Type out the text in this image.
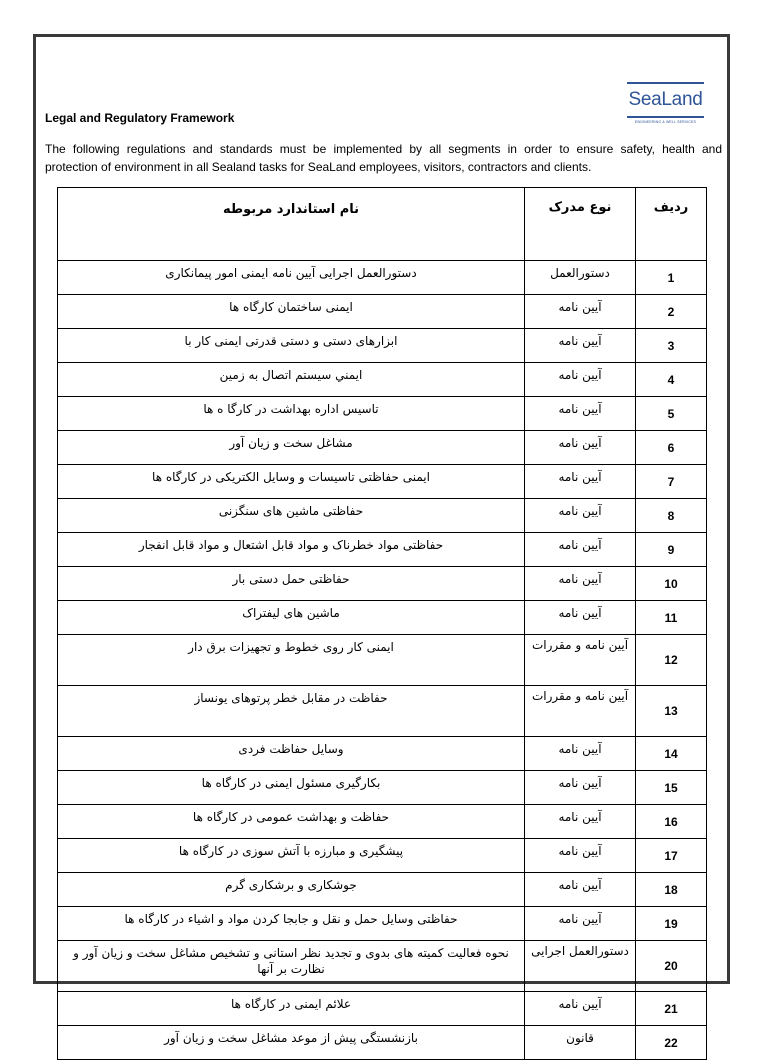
SeaLand
ENGINEERING & WELL SERVICES
Legal and Regulatory Framework
The following regulations and standards must be implemented by all segments in order to ensure safety, health and
protection of environment in all Sealand tasks for SeaLand employees, visitors, contractors and clients.
نام استاندارد مربوطه	نوع مدرک	ردیف
دستورالعمل اجرایی آیین نامه ایمنی امور پیمانکاری	دستورالعمل	1
ایمنی ساختمان کارگاه ها	آیین نامه	2
ابزارهای دستی و دستی قدرتی ایمنی کار با	آیین نامه	3
ايمني سيستم اتصال به زمين	آیین نامه	4
تاسیس اداره بهداشت در کارگا ه ها	آیین نامه	5
مشاغل سخت و زیان آور	آیین نامه	6
ایمنی حفاظتی تاسیسات و وسایل الکتریکی در کارگاه ها	آیین نامه	7
حفاظتی ماشین های سنگزنی	آیین نامه	8
حفاظتی مواد خطرناک و مواد قابل اشتعال و مواد قابل انفجار	آیین نامه	9
حفاظتی حمل دستی بار	آیین نامه	10
ماشین های لیفتراک	آیین نامه	11
ایمنی کار روی خطوط و تجهیزات برق دار	آیین نامه و مقررات	12
حفاظت در مقابل خطر پرتوهای یونساز	آیین نامه و مقررات	13
وسایل حفاظت فردی	آیین نامه	14
بکارگیری مسئول ایمنی در کارگاه ها	آیین نامه	15
حفاظت و بهداشت عمومی در کارگاه ها	آیین نامه	16
پیشگیری و مبارزه با آتش سوزی در کارگاه ها	آیین نامه	17
جوشکاری و برشکاری گرم	آیین نامه	18
حفاظتی وسایل حمل و نقل و جابجا کردن مواد و اشیاء در کارگاه ها	آیین نامه	19
نحوه فعالیت کمیته های بدوی و تجدید نظر استانی و تشخیص مشاغل سخت و زیان آور و نظارت بر آنها	دستورالعمل اجرایی	20
علائم ایمنی در کارگاه ها	آیین نامه	21
بازنشستگی پیش از موعد مشاغل سخت و زیان آور	قانون	22
